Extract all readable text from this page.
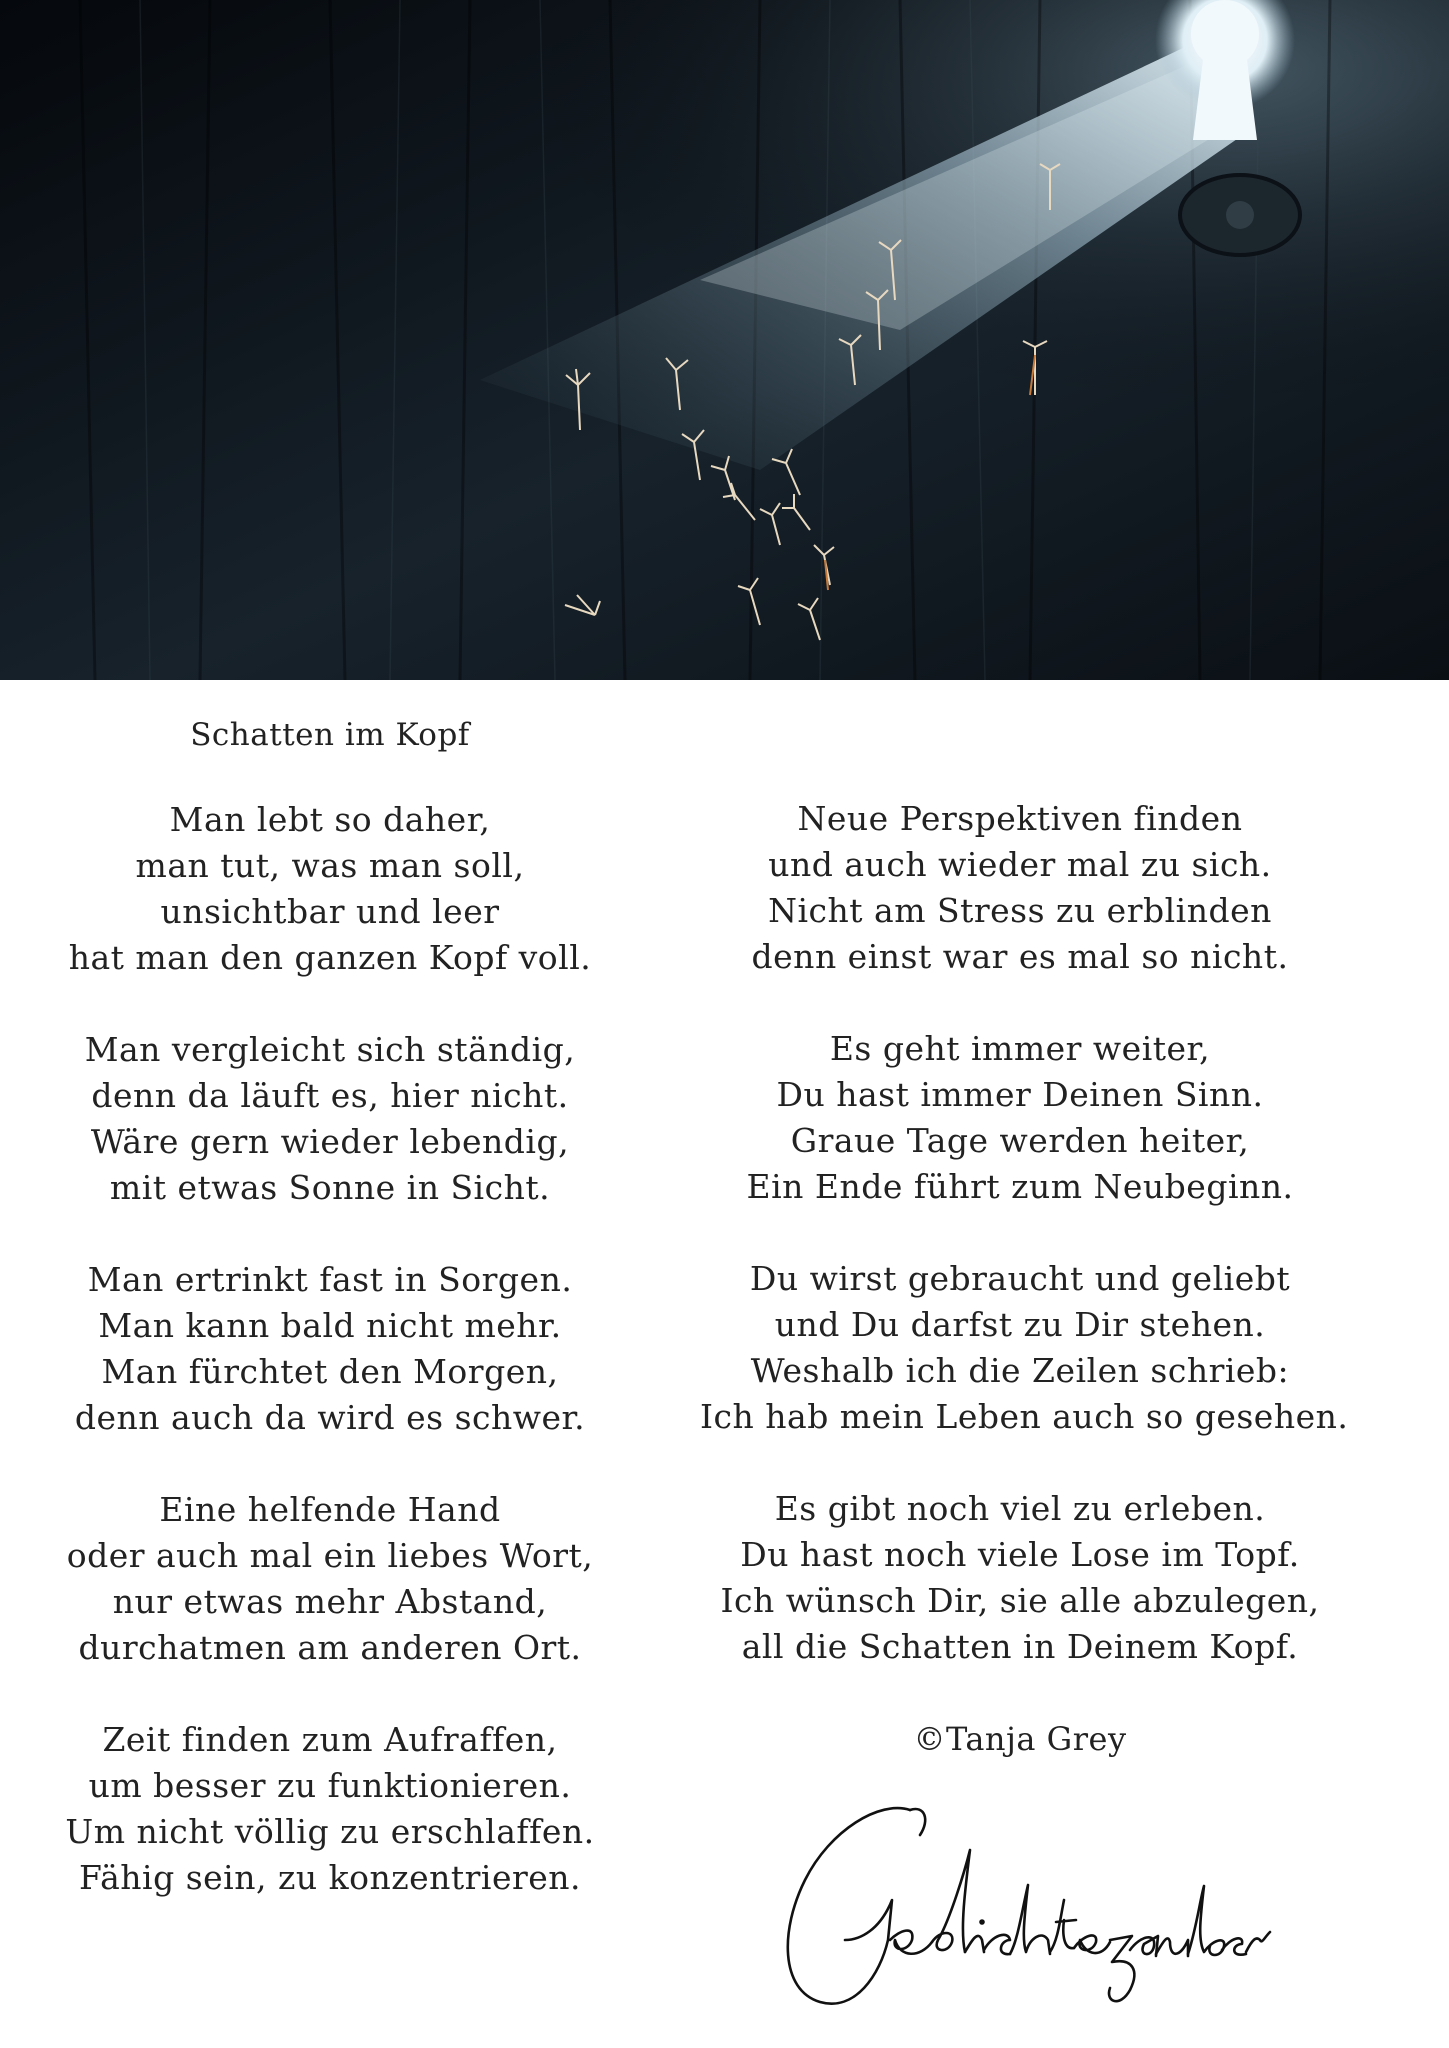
Schatten im Kopf
Man lebt so daher,
man tut, was man soll,
unsichtbar und leer
hat man den ganzen Kopf voll.
Man vergleicht sich ständig,
denn da läuft es, hier nicht.
Wäre gern wieder lebendig,
mit etwas Sonne in Sicht.
Man ertrinkt fast in Sorgen.
Man kann bald nicht mehr.
Man fürchtet den Morgen,
denn auch da wird es schwer.
Eine helfende Hand
oder auch mal ein liebes Wort,
nur etwas mehr Abstand,
durchatmen am anderen Ort.
Zeit finden zum Aufraffen,
um besser zu funktionieren.
Um nicht völlig zu erschlaffen.
Fähig sein, zu konzentrieren.
Neue Perspektiven finden
und auch wieder mal zu sich.
Nicht am Stress zu erblinden
denn einst war es mal so nicht.
Es geht immer weiter,
Du hast immer Deinen Sinn.
Graue Tage werden heiter,
Ein Ende führt zum Neubeginn.
Du wirst gebraucht und geliebt
und Du darfst zu Dir stehen.
Weshalb ich die Zeilen schrieb:
Ich hab mein Leben auch so gesehen.
Es gibt noch viel zu erleben.
Du hast noch viele Lose im Topf.
Ich wünsch Dir, sie alle abzulegen,
all die Schatten in Deinem Kopf.
©Tanja Grey
